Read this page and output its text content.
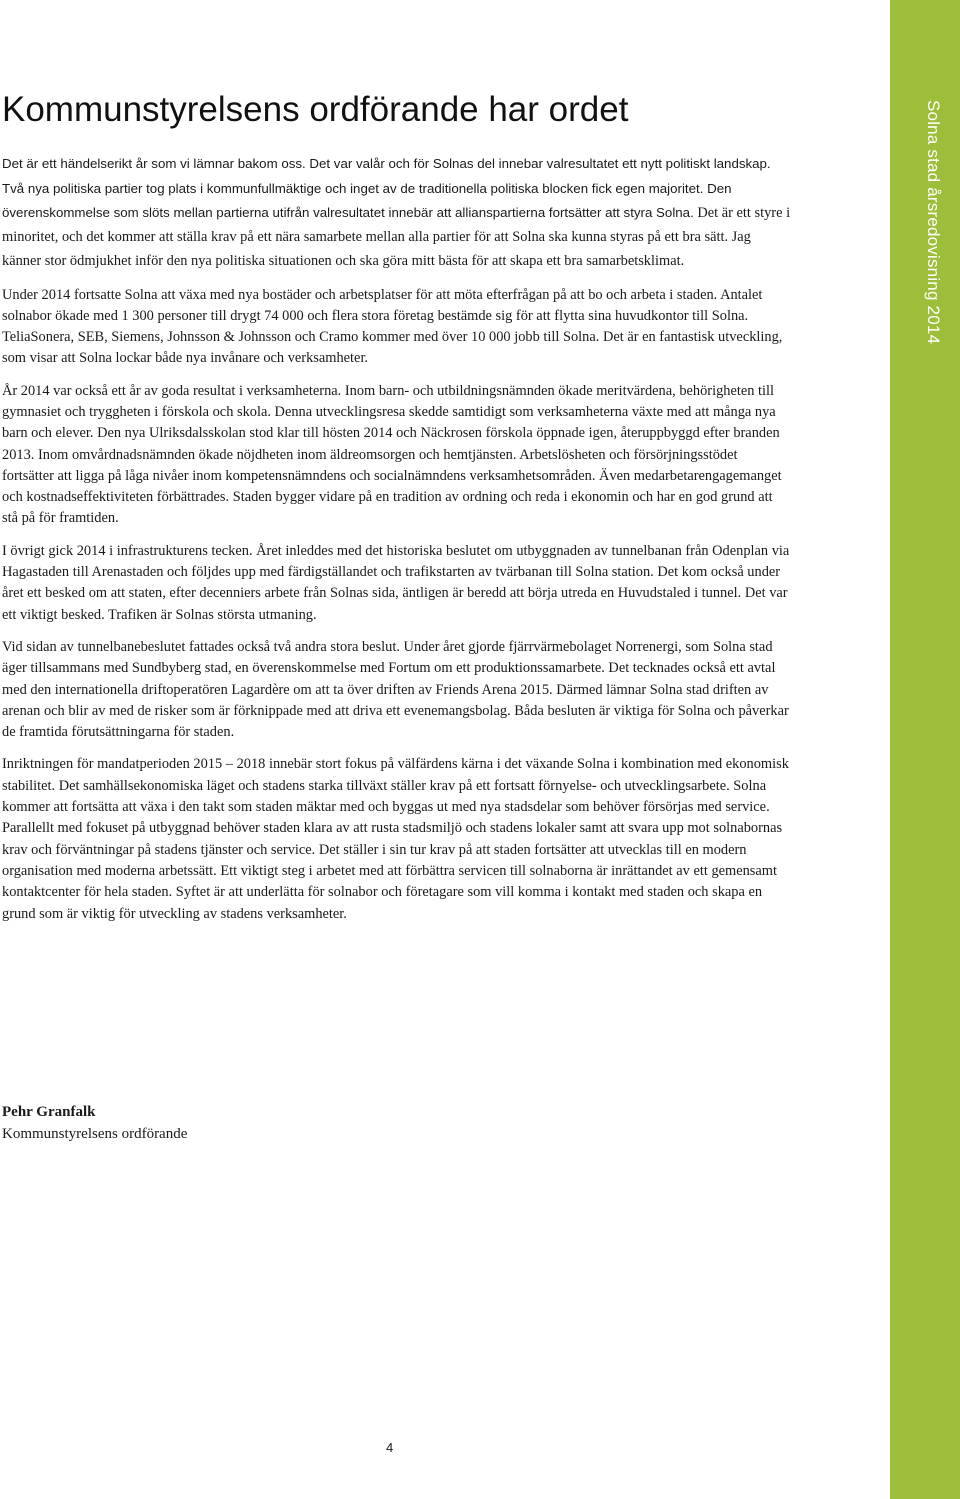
Solna stad årsredovisning 2014
Kommunstyrelsens ordförande har ordet

Det är ett händelserikt år som vi lämnar bakom oss. Det var valår och för Solnas del innebar valresultatet ett nytt politiskt landskap. Två nya politiska partier tog plats i kommunfullmäktige och inget av de traditionella politiska blocken fick egen majoritet. Den överenskommelse som slöts mellan partierna utifrån valresultatet innebär att allianspartierna fortsätter att styra Solna. Det är ett styre i minoritet, och det kommer att ställa krav på ett nära samarbete mellan alla partier för att Solna ska kunna styras på ett bra sätt. Jag känner stor ödmjukhet inför den nya politiska situationen och ska göra mitt bästa för att skapa ett bra samarbetsklimat.

Under 2014 fortsatte Solna att växa med nya bostäder och arbetsplatser för att möta efterfrågan på att bo och arbeta i staden. Antalet solnabor ökade med 1 300 personer till drygt 74 000 och flera stora företag bestämde sig för att flytta sina huvudkontor till Solna. TeliaSonera, SEB, Siemens, Johnsson & Johnsson och Cramo kommer med över 10 000 jobb till Solna. Det är en fantastisk utveckling, som visar att Solna lockar både nya invånare och verksamheter.

År 2014 var också ett år av goda resultat i verksamheterna. Inom barn- och utbildningsnämnden ökade meritvärdena, behörigheten till gymnasiet och tryggheten i förskola och skola. Denna utvecklingsresa skedde samtidigt som verksamheterna växte med att många nya barn och elever. Den nya Ulriksdalsskolan stod klar till hösten 2014 och Näckrosen förskola öppnade igen, återuppbyggd efter branden 2013. Inom omvårdnadsnämnden ökade nöjdheten inom äldreomsorgen och hemtjänsten. Arbetslösheten och försörjningsstödet fortsätter att ligga på låga nivåer inom kompetensnämndens och socialnämndens verksamhetsområden. Även medarbetarengagemanget och kostnadseffektiviteten förbättrades. Staden bygger vidare på en tradition av ordning och reda i ekonomin och har en god grund att stå på för framtiden.

I övrigt gick 2014 i infrastrukturens tecken. Året inleddes med det historiska beslutet om utbyggnaden av tunnelbanan från Odenplan via Hagastaden till Arenastaden och följdes upp med färdigställandet och trafikstarten av tvärbanan till Solna station. Det kom också under året ett besked om att staten, efter decenniers arbete från Solnas sida, äntligen är beredd att börja utreda en Huvudstaled i tunnel. Det var ett viktigt besked. Trafiken är Solnas största utmaning.

Vid sidan av tunnelbanebeslutet fattades också två andra stora beslut. Under året gjorde fjärrvärmebolaget Norrenergi, som Solna stad äger tillsammans med Sundbyberg stad, en överenskommelse med Fortum om ett produktionssamarbete. Det tecknades också ett avtal med den internationella driftoperatören Lagardère om att ta över driften av Friends Arena 2015. Därmed lämnar Solna stad driften av arenan och blir av med de risker som är förknippade med att driva ett evenemangsbolag. Båda besluten är viktiga för Solna och påverkar de framtida förutsättningarna för staden.

Inriktningen för mandatperioden 2015 – 2018 innebär stort fokus på välfärdens kärna i det växande Solna i kombination med ekonomisk stabilitet. Det samhällsekonomiska läget och stadens starka tillväxt ställer krav på ett fortsatt förnyelse- och utvecklingsarbete. Solna kommer att fortsätta att växa i den takt som staden mäktar med och byggas ut med nya stadsdelar som behöver försörjas med service. Parallellt med fokuset på utbyggnad behöver staden klara av att rusta stadsmiljö och stadens lokaler samt att svara upp mot solnabornas krav och förväntningar på stadens tjänster och service. Det ställer i sin tur krav på att staden fortsätter att utvecklas till en modern organisation med moderna arbetssätt. Ett viktigt steg i arbetet med att förbättra servicen till solnaborna är inrättandet av ett gemensamt kontaktcenter för hela staden. Syftet är att underlätta för solnabor och företagare som vill komma i kontakt med staden och skapa en grund som är viktig för utveckling av stadens verksamheter.

Pehr Granfalk
Kommunstyrelsens ordförande
4
